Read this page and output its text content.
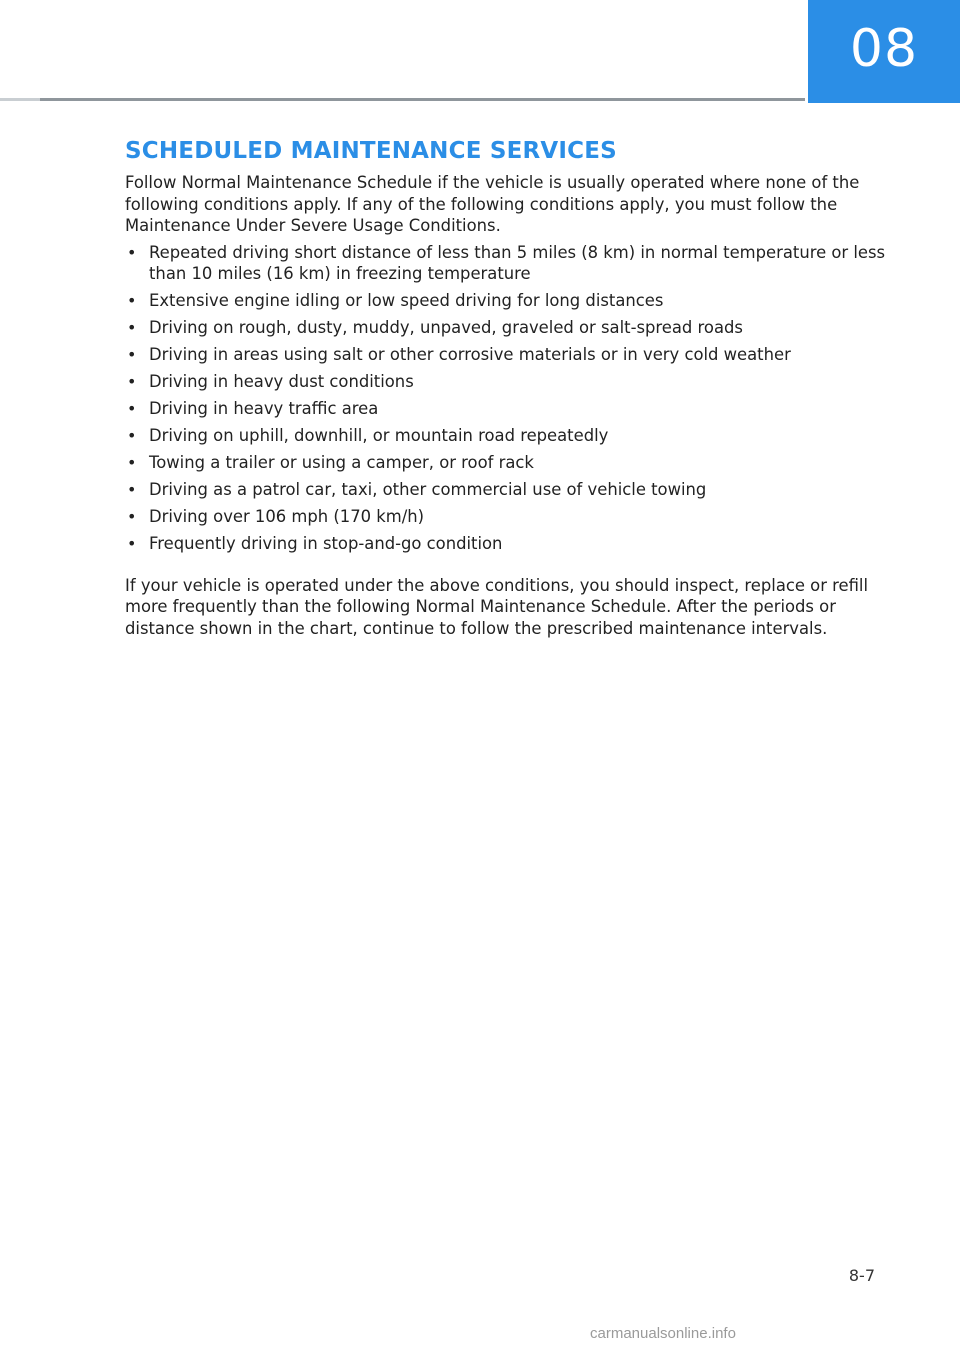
08
SCHEDULED MAINTENANCE SERVICES

Follow Normal Maintenance Schedule if the vehicle is usually operated where none of the following conditions apply. If any of the following conditions apply, you must follow the Maintenance Under Severe Usage Conditions.

• Repeated driving short distance of less than 5 miles (8 km) in normal temperature or less than 10 miles (16 km) in freezing temperature
• Extensive engine idling or low speed driving for long distances
• Driving on rough, dusty, muddy, unpaved, graveled or salt-spread roads
• Driving in areas using salt or other corrosive materials or in very cold weather
• Driving in heavy dust conditions
• Driving in heavy traffic area
• Driving on uphill, downhill, or mountain road repeatedly
• Towing a trailer or using a camper, or roof rack
• Driving as a patrol car, taxi, other commercial use of vehicle towing
• Driving over 106 mph (170 km/h)
• Frequently driving in stop-and-go condition

If your vehicle is operated under the above conditions, you should inspect, replace or refill more frequently than the following Normal Maintenance Schedule. After the periods or distance shown in the chart, continue to follow the prescribed maintenance intervals.

8-7
carmanualsonline.info
